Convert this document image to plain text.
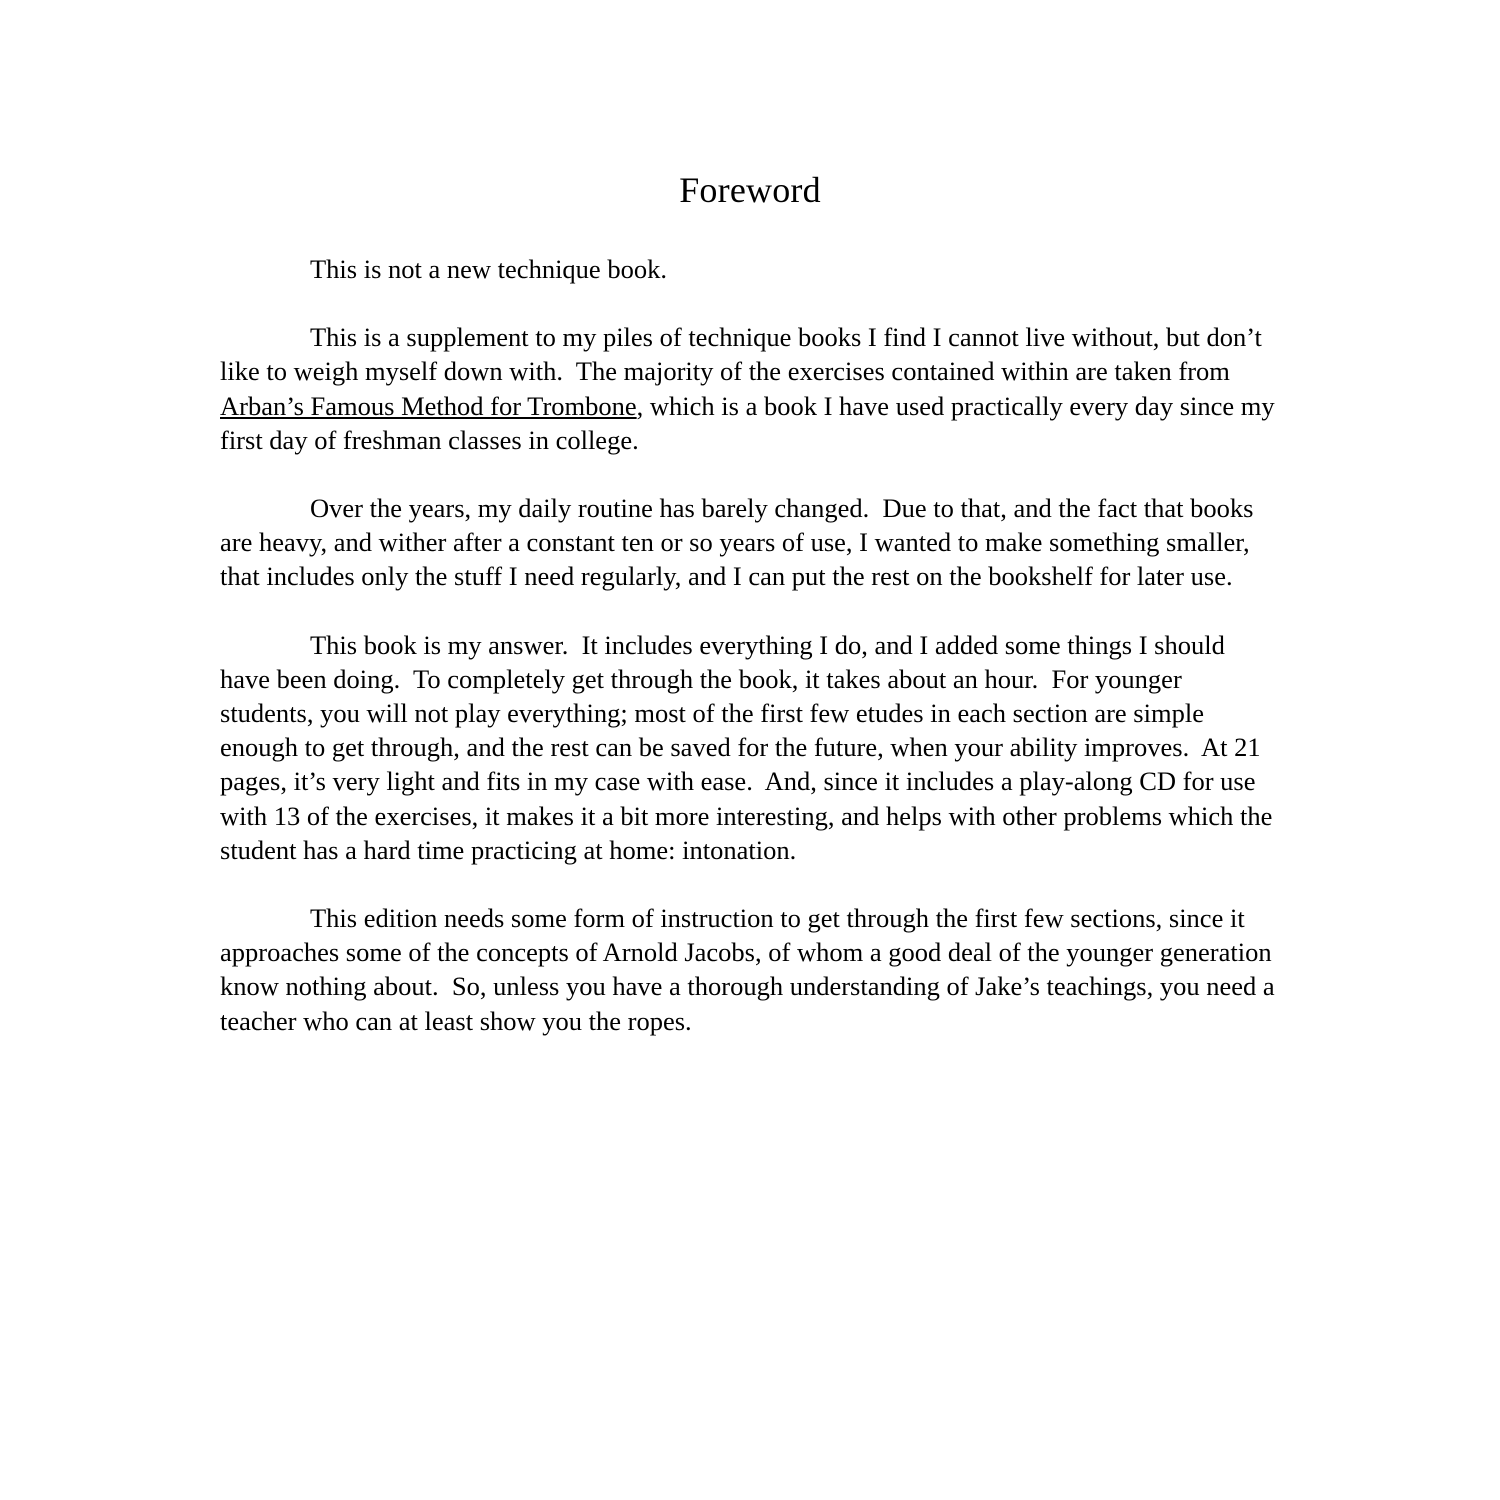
Foreword

This is not a new technique book.

This is a supplement to my piles of technique books I find I cannot live without, but don’t like to weigh myself down with.  The majority of the exercises contained within are taken from Arban’s Famous Method for Trombone, which is a book I have used practically every day since my first day of freshman classes in college.

Over the years, my daily routine has barely changed.  Due to that, and the fact that books are heavy, and wither after a constant ten or so years of use, I wanted to make something smaller, that includes only the stuff I need regularly, and I can put the rest on the bookshelf for later use.

This book is my answer.  It includes everything I do, and I added some things I should have been doing.  To completely get through the book, it takes about an hour.  For younger students, you will not play everything; most of the first few etudes in each section are simple enough to get through, and the rest can be saved for the future, when your ability improves.  At 21 pages, it’s very light and fits in my case with ease.  And, since it includes a play-along CD for use with 13 of the exercises, it makes it a bit more interesting, and helps with other problems which the student has a hard time practicing at home: intonation.

This edition needs some form of instruction to get through the first few sections, since it approaches some of the concepts of Arnold Jacobs, of whom a good deal of the younger generation know nothing about.  So, unless you have a thorough understanding of Jake’s teachings, you need a teacher who can at least show you the ropes.
